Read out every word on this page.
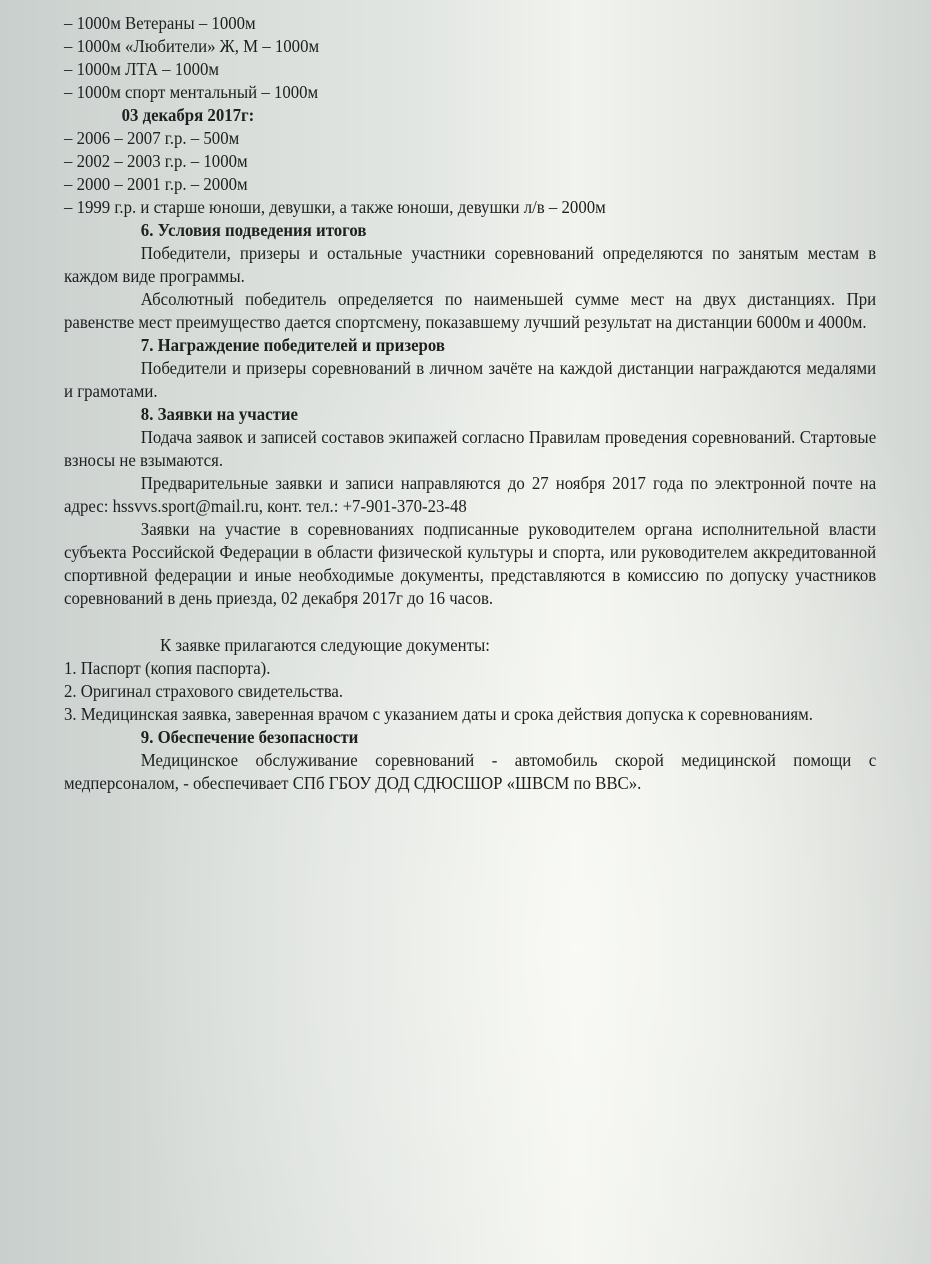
– 1000м Ветераны – 1000м
– 1000м «Любители» Ж, М – 1000м
– 1000м ЛТА – 1000м
– 1000м спорт ментальный – 1000м
03 декабря 2017г:
– 2006 – 2007 г.р. – 500м
– 2002 – 2003 г.р. – 1000м
– 2000 – 2001 г.р. – 2000м
– 1999 г.р. и старше юноши, девушки, а также юноши, девушки л/в – 2000м
6. Условия подведения итогов
Победители, призеры и остальные участники соревнований определяются по занятым местам в каждом виде программы.
Абсолютный победитель определяется по наименьшей сумме мест на двух дистанциях. При равенстве мест преимущество дается спортсмену, показавшему лучший результат на дистанции 6000м и 4000м.
7. Награждение победителей и призеров
Победители и призеры соревнований в личном зачёте на каждой дистанции награждаются медалями и грамотами.
8. Заявки на участие
Подача заявок и записей составов экипажей согласно Правилам проведения соревнований. Стартовые взносы не взымаются.
Предварительные заявки и записи направляются до 27 ноября 2017 года по электронной почте на адрес: hssvvs.sport@mail.ru, конт. тел.: +7-901-370-23-48
Заявки на участие в соревнованиях подписанные руководителем органа исполнительной власти субъекта Российской Федерации в области физической культуры и спорта, или руководителем аккредитованной спортивной федерации и иные необходимые документы, представляются в комиссию по допуску участников соревнований в день приезда, 02 декабря 2017г до 16 часов.
К заявке прилагаются следующие документы:
1. Паспорт (копия паспорта).
2. Оригинал страхового свидетельства.
3. Медицинская заявка, заверенная врачом с указанием даты и срока действия допуска к соревнованиям.
9. Обеспечение безопасности
Медицинское обслуживание соревнований - автомобиль скорой медицинской помощи с медперсоналом, - обеспечивает СПб ГБОУ ДОД СДЮСШОР «ШВСМ по ВВС».
